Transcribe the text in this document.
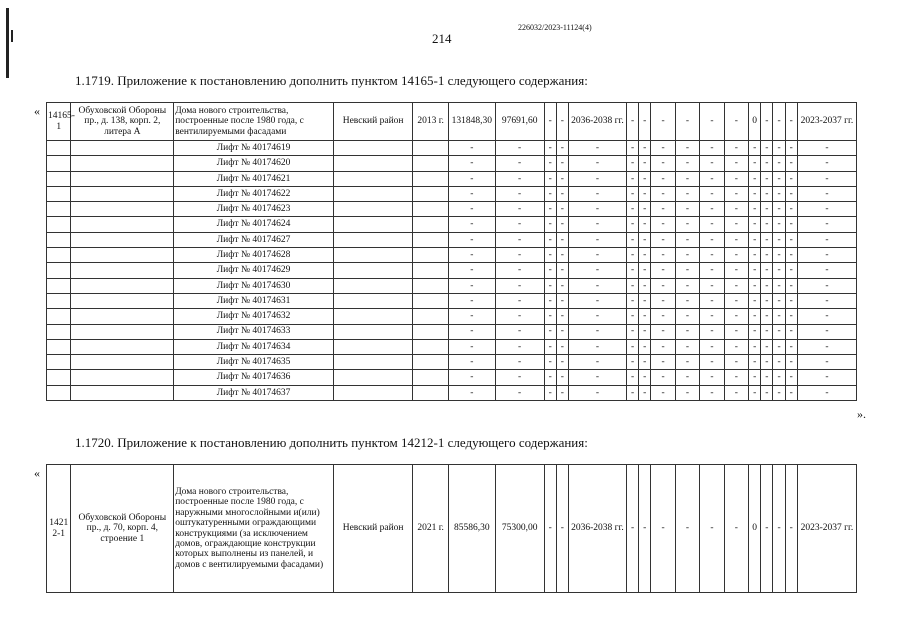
226032/2023-11124(4)
214
1.1719. Приложение к постановлению дополнить пунктом 14165-1 следующего содержания:
« 14165-1	Обуховской Обороны пр., д. 138, корп. 2, литера А	Дома нового строительства, построенные после 1980 года, с вентилируемыми фасадами	Невский район	2013 г.	131848,30	97691,60	-	-	2036-2038 гг.	-	-	-	-	-	-	0	-	-	-	2023-2037 гг.
		Лифт № 40174619			-	-	-	-	-	-	-	-	-	-	-	-	-	-	-	-
		Лифт № 40174620			-	-	-	-	-	-	-	-	-	-	-	-	-	-	-	-
		Лифт № 40174621			-	-	-	-	-	-	-	-	-	-	-	-	-	-	-	-
		Лифт № 40174622			-	-	-	-	-	-	-	-	-	-	-	-	-	-	-	-
		Лифт № 40174623			-	-	-	-	-	-	-	-	-	-	-	-	-	-	-	-
		Лифт № 40174624			-	-	-	-	-	-	-	-	-	-	-	-	-	-	-	-
		Лифт № 40174627			-	-	-	-	-	-	-	-	-	-	-	-	-	-	-	-
		Лифт № 40174628			-	-	-	-	-	-	-	-	-	-	-	-	-	-	-	-
		Лифт № 40174629			-	-	-	-	-	-	-	-	-	-	-	-	-	-	-	-
		Лифт № 40174630			-	-	-	-	-	-	-	-	-	-	-	-	-	-	-	-
		Лифт № 40174631			-	-	-	-	-	-	-	-	-	-	-	-	-	-	-	-
		Лифт № 40174632			-	-	-	-	-	-	-	-	-	-	-	-	-	-	-	-
		Лифт № 40174633			-	-	-	-	-	-	-	-	-	-	-	-	-	-	-	-
		Лифт № 40174634			-	-	-	-	-	-	-	-	-	-	-	-	-	-	-	-
		Лифт № 40174635			-	-	-	-	-	-	-	-	-	-	-	-	-	-	-	-
		Лифт № 40174636			-	-	-	-	-	-	-	-	-	-	-	-	-	-	-	-
		Лифт № 40174637			-	-	-	-	-	-	-	-	-	-	-	-	-	-	-	-
».
1.1720. Приложение к постановлению дополнить пунктом 14212-1 следующего содержания:
«
14212-1	Обуховской Обороны пр., д. 70, корп. 4, строение 1	Дома нового строительства, построенные после 1980 года, с наружными многослойными и(или) оштукатуренными ограждающими конструкциями (за исключением домов, ограждающие конструкции которых выполнены из панелей, и домов с вентилируемыми фасадами)	Невский район	2021 г.	85586,30	75300,00	-	-	2036-2038 гг.	-	-	-	-	-	-	0	-	-	-	2023-2037 гг.
